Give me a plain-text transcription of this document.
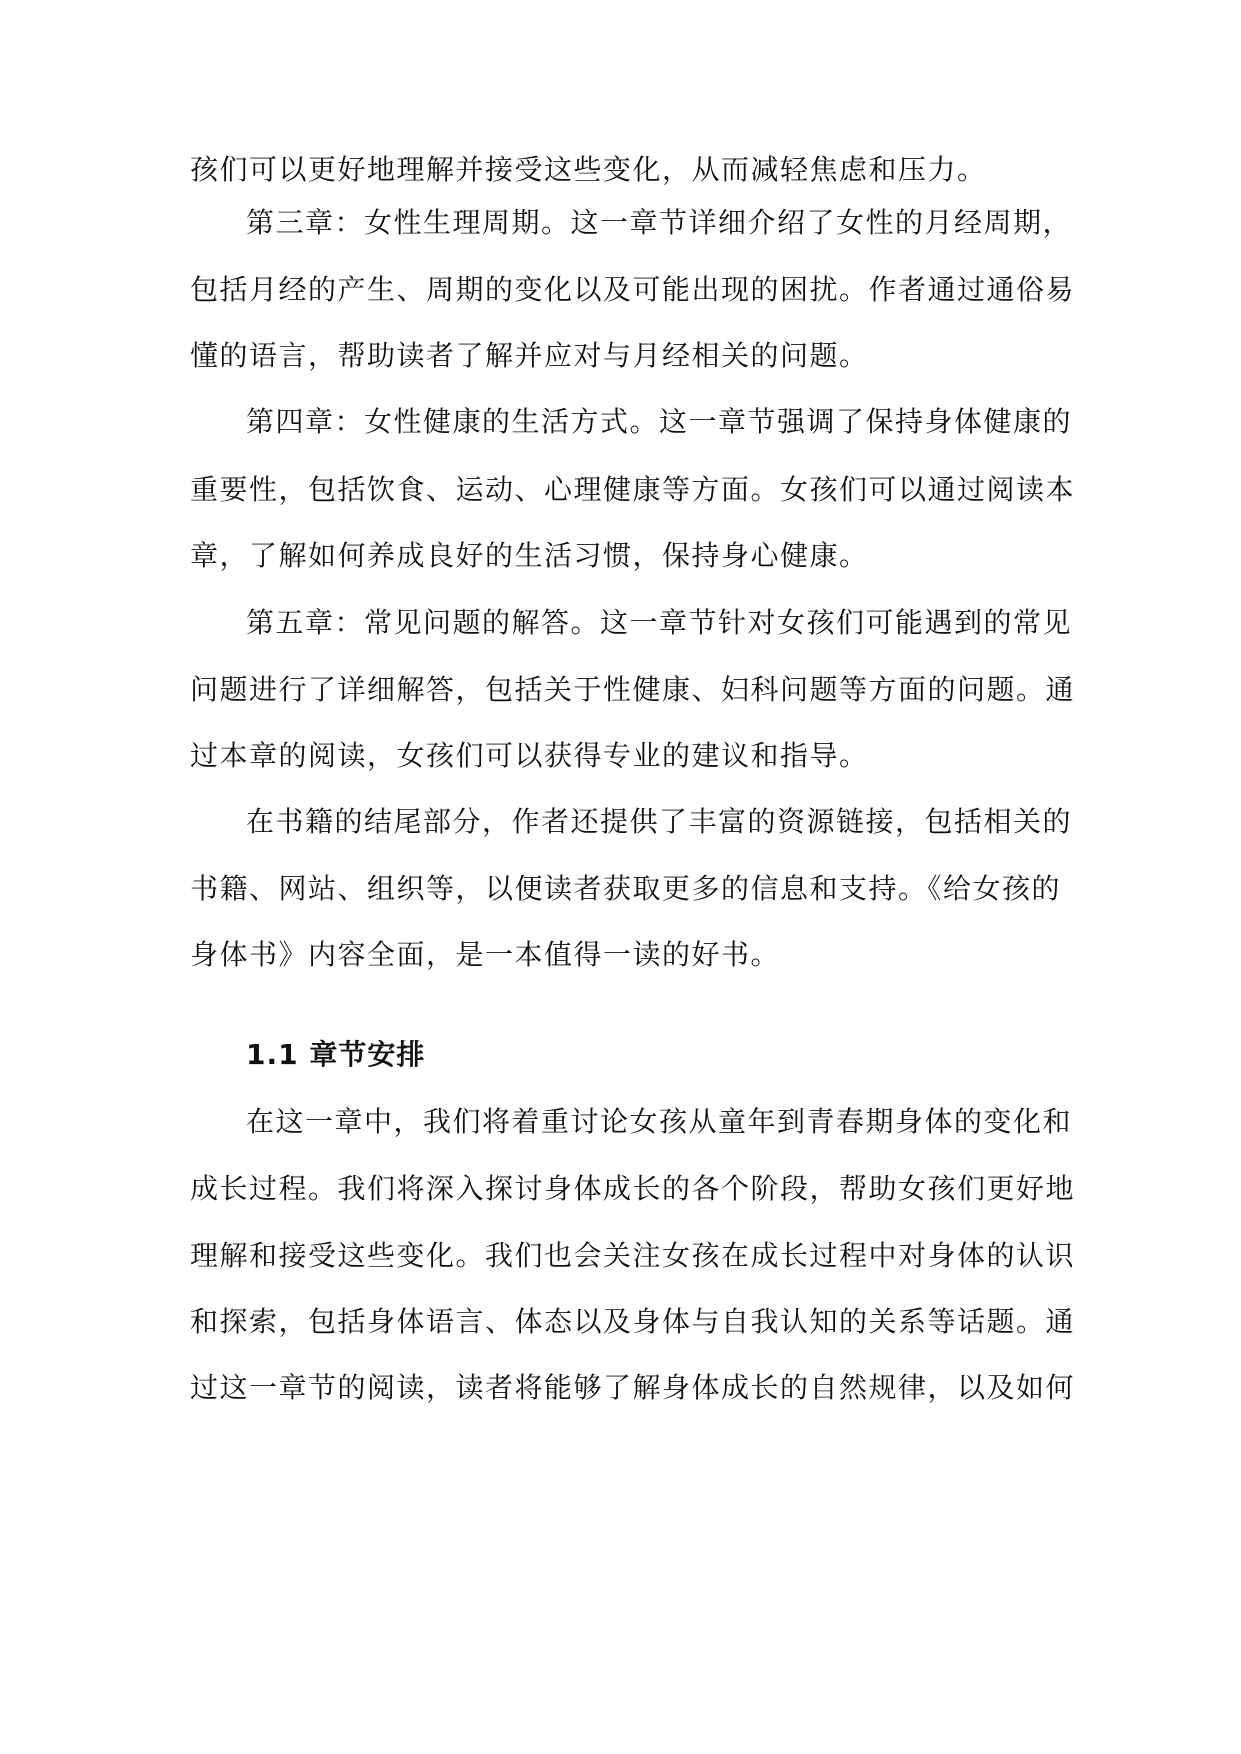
孩们可以更好地理解并接受这些变化，从而减轻焦虑和压力。
第三章：女性生理周期。这一章节详细介绍了女性的月经周期，
包括月经的产生、周期的变化以及可能出现的困扰。作者通过通俗易
懂的语言，帮助读者了解并应对与月经相关的问题。
第四章：女性健康的生活方式。这一章节强调了保持身体健康的
重要性，包括饮食、运动、心理健康等方面。女孩们可以通过阅读本
章，了解如何养成良好的生活习惯，保持身心健康。
第五章：常见问题的解答。这一章节针对女孩们可能遇到的常见
问题进行了详细解答，包括关于性健康、妇科问题等方面的问题。通
过本章的阅读，女孩们可以获得专业的建议和指导。
在书籍的结尾部分，作者还提供了丰富的资源链接，包括相关的
书籍、网站、组织等，以便读者获取更多的信息和支持。《给女孩的
身体书》内容全面，是一本值得一读的好书。
1.1 章节安排
在这一章中，我们将着重讨论女孩从童年到青春期身体的变化和
成长过程。我们将深入探讨身体成长的各个阶段，帮助女孩们更好地
理解和接受这些变化。我们也会关注女孩在成长过程中对身体的认识
和探索，包括身体语言、体态以及身体与自我认知的关系等话题。通
过这一章节的阅读，读者将能够了解身体成长的自然规律，以及如何
